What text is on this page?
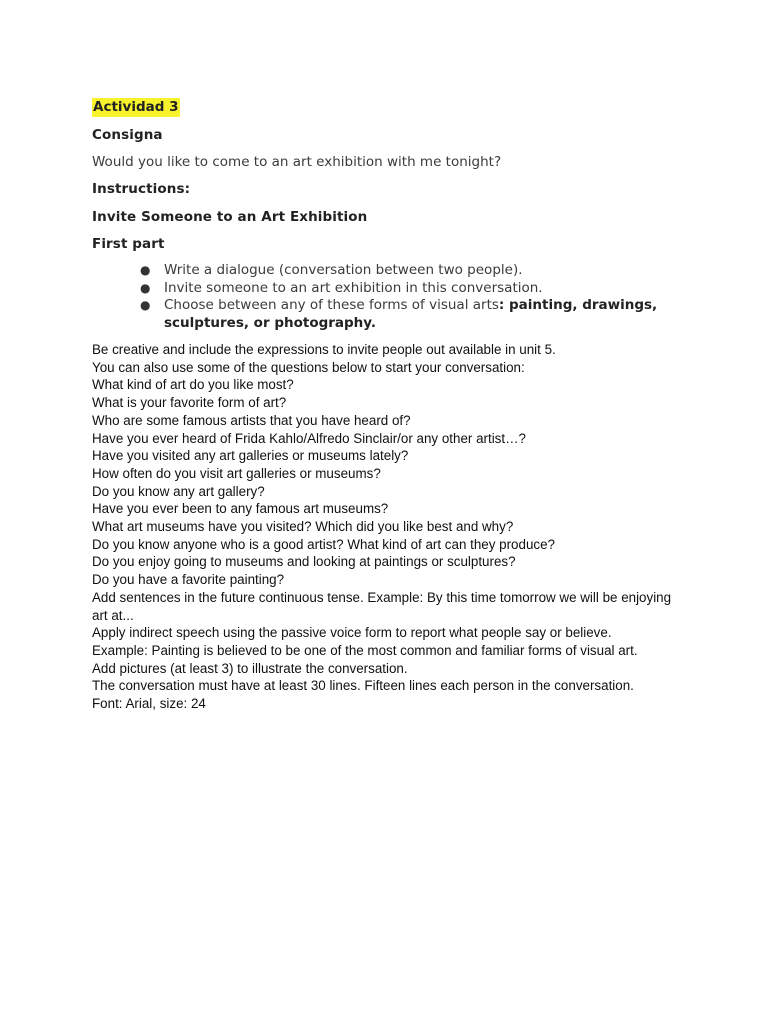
Actividad 3
Consigna
Would you like to come to an art exhibition with me tonight?
Instructions:
Invite Someone to an Art Exhibition
First part
● Write a dialogue (conversation between two people).
● Invite someone to an art exhibition in this conversation.
● Choose between any of these forms of visual arts: painting, drawings, sculptures, or photography.
Be creative and include the expressions to invite people out available in unit 5.
You can also use some of the questions below to start your conversation:
What kind of art do you like most?
What is your favorite form of art?
Who are some famous artists that you have heard of?
Have you ever heard of Frida Kahlo/Alfredo Sinclair/or any other artist…?
Have you visited any art galleries or museums lately?
How often do you visit art galleries or museums?
Do you know any art gallery?
Have you ever been to any famous art museums?
What art museums have you visited? Which did you like best and why?
Do you know anyone who is a good artist? What kind of art can they produce?
Do you enjoy going to museums and looking at paintings or sculptures?
Do you have a favorite painting?
Add sentences in the future continuous tense. Example: By this time tomorrow we will be enjoying art at...
Apply indirect speech using the passive voice form to report what people say or believe.
Example: Painting is believed to be one of the most common and familiar forms of visual art.
Add pictures (at least 3) to illustrate the conversation.
The conversation must have at least 30 lines. Fifteen lines each person in the conversation.
Font: Arial, size: 24
